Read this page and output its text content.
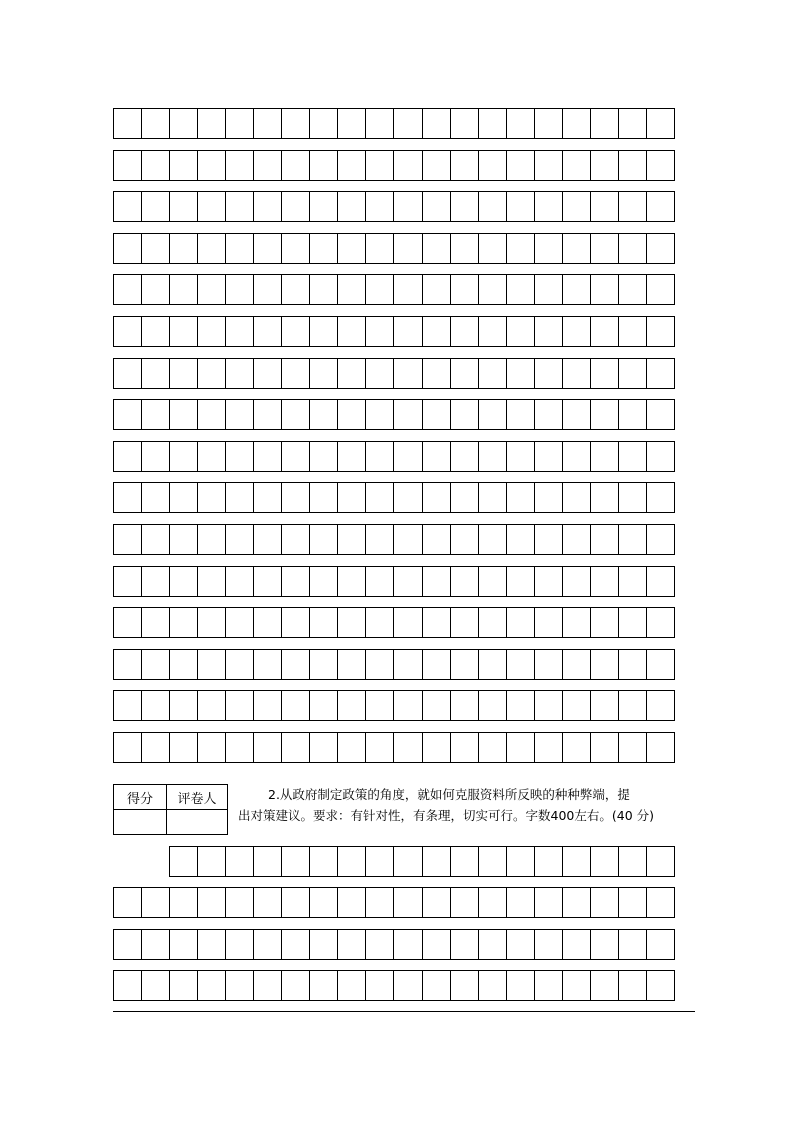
得分	评卷人
		2.从政府制定政策的角度，就如何克服资料所反映的种种弊端，提
出对策建议。要求：有针对性，有条理，切实可行。字数400左右。(40 分)
